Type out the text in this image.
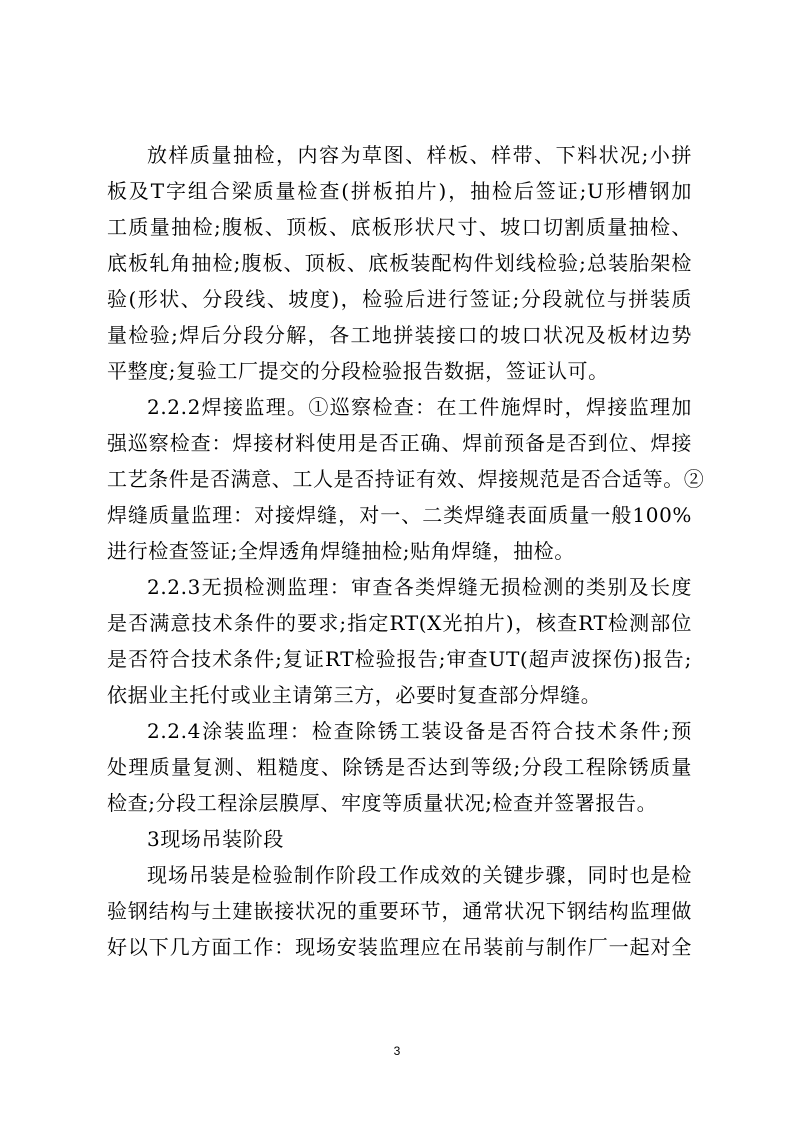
放样质量抽检，内容为草图、样板、样带、下料状况;小拼
板及T字组合梁质量检查(拼板拍片)，抽检后签证;U形槽钢加
工质量抽检;腹板、顶板、底板形状尺寸、坡口切割质量抽检、
底板轧角抽检;腹板、顶板、底板装配构件划线检验;总装胎架检
验(形状、分段线、坡度)，检验后进行签证;分段就位与拼装质
量检验;焊后分段分解，各工地拼装接口的坡口状况及板材边势
平整度;复验工厂提交的分段检验报告数据，签证认可。
2.2.2焊接监理。①巡察检查：在工件施焊时，焊接监理加
强巡察检查：焊接材料使用是否正确、焊前预备是否到位、焊接
工艺条件是否满意、工人是否持证有效、焊接规范是否合适等。②
焊缝质量监理：对接焊缝，对一、二类焊缝表面质量一般100%
进行检查签证;全焊透角焊缝抽检;贴角焊缝，抽检。
2.2.3无损检测监理：审查各类焊缝无损检测的类别及长度
是否满意技术条件的要求;指定RT(X光拍片)，核查RT检测部位
是否符合技术条件;复证RT检验报告;审查UT(超声波探伤)报告;
依据业主托付或业主请第三方，必要时复查部分焊缝。
2.2.4涂装监理：检查除锈工装设备是否符合技术条件;预
处理质量复测、粗糙度、除锈是否达到等级;分段工程除锈质量
检查;分段工程涂层膜厚、牢度等质量状况;检查并签署报告。
3现场吊装阶段
现场吊装是检验制作阶段工作成效的关键步骤，同时也是检
验钢结构与土建嵌接状况的重要环节，通常状况下钢结构监理做
好以下几方面工作：现场安装监理应在吊装前与制作厂一起对全
3
